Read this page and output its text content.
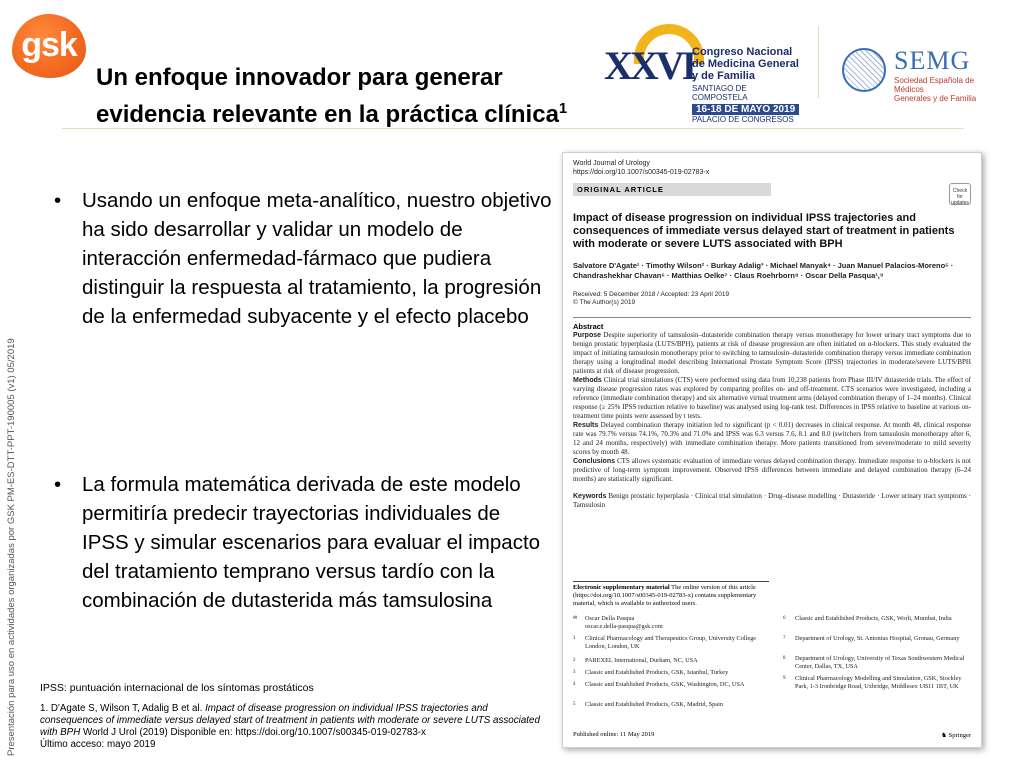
gsk
Un enfoque innovador para generar
evidencia relevante en la práctica clínica$^1$
XXVI
Congreso Nacional
de Medicina General
y de Familia
SANTIAGO DE COMPOSTELA
16-18 DE MAYO 2019
PALACIO DE CONGRESOS
SEMG
Sociedad Española de Médicos
Generales y de Familia
Presentación para uso en actividades organizadas por GSK PM-ES-DTT-PPT-190005 (v1) 05/2019
•	Usando un enfoque meta-analítico, nuestro objetivo ha sido desarrollar y validar un modelo de interacción enfermedad-fármaco que pudiera distinguir la respuesta al tratamiento, la progresión de la enfermedad subyacente y el efecto placebo
•	La formula matemática derivada de este modelo permitiría predecir trayectorias individuales de IPSS y simular escenarios para evaluar el impacto del tratamiento temprano versus tardío con la combinación de dutasterida más tamsulosina
IPSS: puntuación internacional de los síntomas prostáticos
1. D'Agate S, Wilson T, Adalig B et al. Impact of disease progression on individual IPSS trajectories and consequences of immediate versus delayed start of treatment in patients with moderate or severe LUTS associated with BPH World J Urol (2019) Disponible en: https://doi.org/10.1007/s00345-019-02783-x
Último acceso: mayo 2019
World Journal of Urology
https://doi.org/10.1007/s00345-019-02783-x
ORIGINAL ARTICLE	Check for updates
Impact of disease progression on individual IPSS trajectories and consequences of immediate versus delayed start of treatment in patients with moderate or severe LUTS associated with BPH
Salvatore D'Agate¹ · Timothy Wilson² · Burkay Adalig³ · Michael Manyak⁴ · Juan Manuel Palacios-Moreno⁵ · Chandrashekhar Chavan⁶ · Matthias Oelke⁷ · Claus Roehrborn⁸ · Oscar Della Pasqua¹,⁹
Received: 5 December 2018 / Accepted: 23 April 2019
© The Author(s) 2019
Abstract
Purpose Despite superiority of tamsulosin–dutasteride combination therapy versus monotherapy for lower urinary tract symptoms due to benign prostatic hyperplasia (LUTS/BPH), patients at risk of disease progression are often initiated on α-blockers. This study evaluated the impact of initiating tamsulosin monotherapy prior to switching to tamsulosin–dutasteride combination therapy versus immediate combination therapy using a longitudinal model describing International Prostate Symptom Score (IPSS) trajectories in moderate/severe LUTS/BPH patients at risk of disease progression.
Methods Clinical trial simulations (CTS) were performed using data from 10,238 patients from Phase III/IV dutasteride trials. The effect of varying disease progression rates was explored by comparing profiles on- and off-treatment. CTS scenarios were investigated, including a reference (immediate combination therapy) and six alternative virtual treatment arms (delayed combination therapy of 1–24 months). Clinical response (≥ 25% IPSS reduction relative to baseline) was analysed using log-rank test. Differences in IPSS relative to baseline at various on-treatment time points were assessed by t tests.
Results Delayed combination therapy initiation led to significant (p < 0.01) decreases in clinical response. At month 48, clinical response rate was 79.7% versus 74.1%, 70.3% and 71.0% and IPSS was 6.3 versus 7.6, 8.1 and 8.0 (switchers from tamsulosin monotherapy after 6, 12 and 24 months, respectively) with immediate combination therapy. More patients transitioned from severe/moderate to mild severity scores by month 48.
Conclusions CTS allows systematic evaluation of immediate versus delayed combination therapy. Immediate response to α-blockers is not predictive of long-term symptom improvement. Observed IPSS differences between immediate and delayed combination therapy (6–24 months) are statistically significant.
Keywords Benign prostatic hyperplasia · Clinical trial simulation · Drug–disease modelling · Dutasteride · Lower urinary tract symptoms · Tamsulosin
Electronic supplementary material The online version of this article (https://doi.org/10.1007/s00345-019-02783-x) contains supplementary material, which is available to authorized users.
✉	Oscar Della Pasqua
oscar.e.della-pasqua@gsk.com
1	Clinical Pharmacology and Therapeutics Group, University College London, London, UK
2	PAREXEL International, Durham, NC, USA
3	Classic and Established Products, GSK, Istanbul, Turkey
4	Classic and Established Products, GSK, Washington, DC, USA
5	Classic and Established Products, GSK, Madrid, Spain
6	Classic and Established Products, GSK, Worli, Mumbai, India
7	Department of Urology, St. Antonius Hospital, Gronau, Germany
8	Department of Urology, University of Texas Southwestern Medical Center, Dallas, TX, USA
9	Clinical Pharmacology Modelling and Simulation, GSK, Stockley Park, 1-3 Ironbridge Road, Uxbridge, Middlesex UB11 1BT, UK
Published online: 11 May 2019	♞ Springer
